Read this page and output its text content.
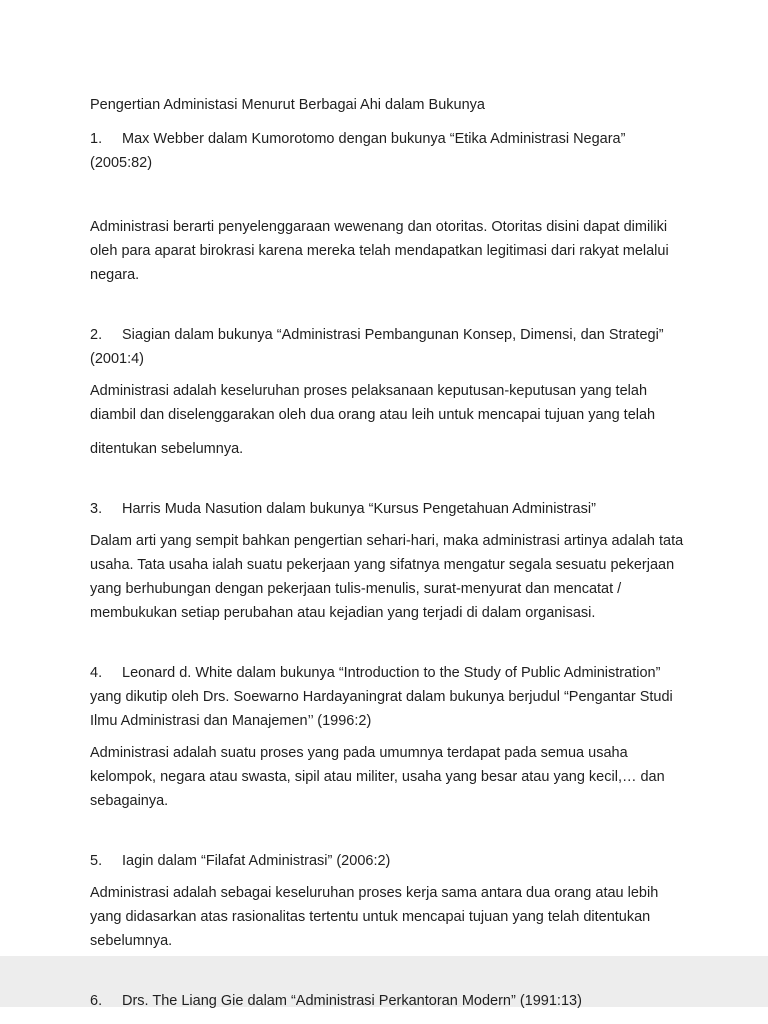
Pengertian Administasi Menurut Berbagai Ahi dalam Bukunya

1. Max Webber dalam Kumorotomo dengan bukunya “Etika Administrasi Negara” (2005:82)

Administrasi berarti penyelenggaraan wewenang dan otoritas. Otoritas disini dapat dimiliki oleh para aparat birokrasi karena mereka telah mendapatkan legitimasi dari rakyat melalui negara.

2. Siagian dalam bukunya “Administrasi Pembangunan Konsep, Dimensi, dan Strategi” (2001:4)

Administrasi adalah keseluruhan proses pelaksanaan keputusan-keputusan yang telah diambil dan diselenggarakan oleh dua orang atau leih untuk mencapai tujuan yang telah

ditentukan sebelumnya.

3. Harris Muda Nasution dalam bukunya “Kursus Pengetahuan Administrasi”

Dalam arti yang sempit bahkan pengertian sehari-hari, maka administrasi artinya adalah tata usaha. Tata usaha ialah suatu pekerjaan yang sifatnya mengatur segala sesuatu pekerjaan yang berhubungan dengan pekerjaan tulis-menulis, surat-menyurat dan mencatat / membukukan setiap perubahan atau kejadian yang terjadi di dalam organisasi.

4. Leonard d. White dalam bukunya “Introduction to the Study of Public Administration” yang dikutip oleh Drs. Soewarno Hardayaningrat dalam bukunya berjudul “Pengantar Studi Ilmu Administrasi dan Manajemen’’ (1996:2)

Administrasi adalah suatu proses yang pada umumnya terdapat pada semua usaha kelompok, negara atau swasta, sipil atau militer, usaha yang besar atau yang kecil,… dan sebagainya.

5. Iagin dalam “Filafat Administrasi” (2006:2)

Administrasi adalah sebagai keseluruhan proses kerja sama antara dua orang atau lebih yang didasarkan atas rasionalitas tertentu untuk mencapai tujuan yang telah ditentukan sebelumnya.

6. Drs. The Liang Gie dalam “Administrasi Perkantoran Modern” (1991:13)
